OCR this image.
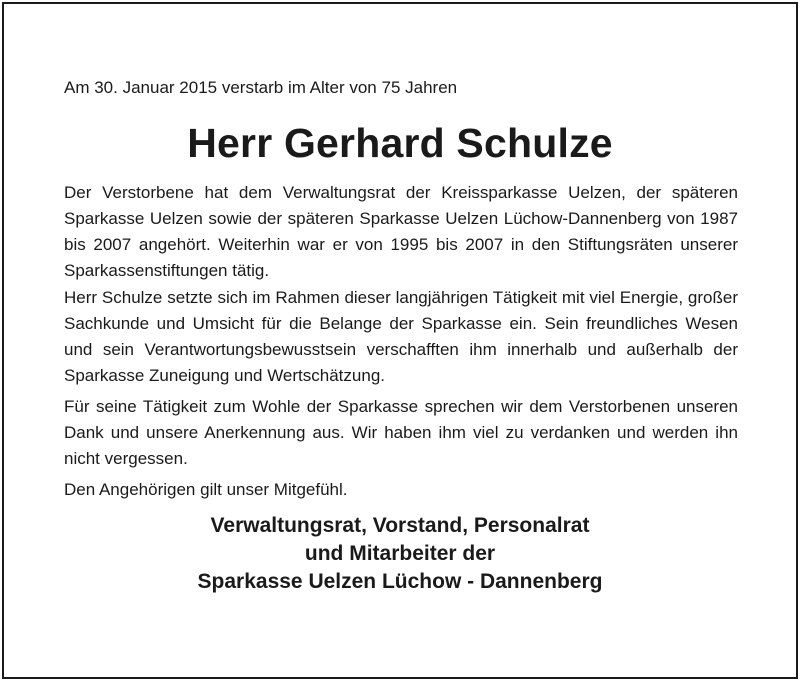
Am 30. Januar 2015 verstarb im Alter von 75 Jahren
Herr Gerhard Schulze

Der Verstorbene hat dem Verwaltungsrat der Kreissparkasse Uelzen, der späteren Sparkasse Uelzen sowie der späteren Sparkasse Uelzen Lüchow-Dannenberg von 1987 bis 2007 angehört. Weiterhin war er von 1995 bis 2007 in den Stiftungsräten unserer Sparkassenstiftungen tätig.

Herr Schulze setzte sich im Rahmen dieser langjährigen Tätigkeit mit viel Energie, großer Sachkunde und Umsicht für die Belange der Sparkasse ein. Sein freundliches Wesen und sein Verantwortungsbewusstsein verschafften ihm innerhalb und außerhalb der Sparkasse Zuneigung und Wertschätzung.

Für seine Tätigkeit zum Wohle der Sparkasse sprechen wir dem Verstorbenen unseren Dank und unsere Anerkennung aus. Wir haben ihm viel zu verdanken und werden ihn nicht vergessen.

Den Angehörigen gilt unser Mitgefühl.

Verwaltungsrat, Vorstand, Personalrat
und Mitarbeiter der
Sparkasse Uelzen Lüchow - Dannenberg
